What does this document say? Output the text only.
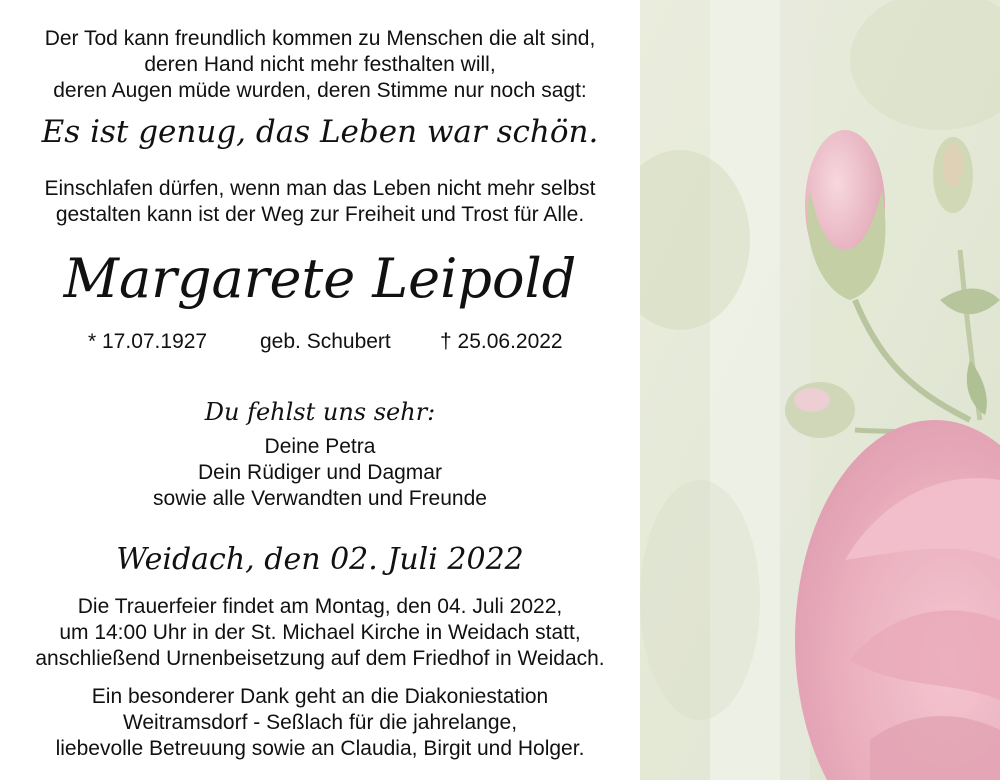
Der Tod kann freundlich kommen zu Menschen die alt sind,
deren Hand nicht mehr festhalten will,
deren Augen müde wurden, deren Stimme nur noch sagt:
Es ist genug, das Leben war schön.
Einschlafen dürfen, wenn man das Leben nicht mehr selbst
gestalten kann ist der Weg zur Freiheit und Trost für Alle.
Margarete Leipold
* 17.07.1927	geb. Schubert † 25.06.2022
Du fehlst uns sehr:
Deine Petra
Dein Rüdiger und Dagmar
sowie alle Verwandten und Freunde
Weidach, den 02. Juli 2022
Die Trauerfeier findet am Montag, den 04. Juli 2022,
um 14:00 Uhr in der St. Michael Kirche in Weidach statt,
anschließend Urnenbeisetzung auf dem Friedhof in Weidach.
Ein besonderer Dank geht an die Diakoniestation
Weitramsdorf - Seßlach für die jahrelange,
liebevolle Betreuung sowie an Claudia, Birgit und Holger.
